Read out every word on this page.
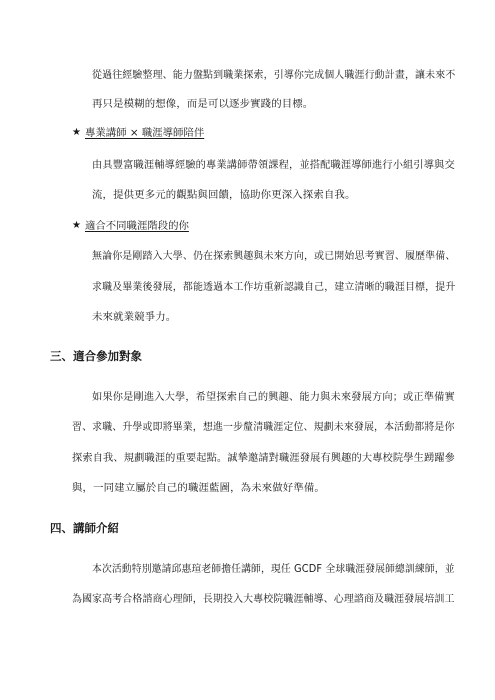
從過往經驗整理、能力盤點到職業探索，引導你完成個人職涯行動計畫，讓未來不
再只是模糊的想像，而是可以逐步實踐的目標。
★ 專業講師 × 職涯導師陪伴
由具豐富職涯輔導經驗的專業講師帶領課程，並搭配職涯導師進行小組引導與交
流，提供更多元的觀點與回饋，協助你更深入探索自我。
★ 適合不同職涯階段的你
無論你是剛踏入大學、仍在探索興趣與未來方向，或已開始思考實習、履歷準備、
求職及畢業後發展，都能透過本工作坊重新認識自己，建立清晰的職涯目標，提升
未來就業競爭力。
三、適合參加對象
如果你是剛進入大學，希望探索自己的興趣、能力與未來發展方向；或正準備實
習、求職、升學或即將畢業，想進一步釐清職涯定位、規劃未來發展，本活動都將是你
探索自我、規劃職涯的重要起點。誠摯邀請對職涯發展有興趣的大專校院學生踴躍參
與，一同建立屬於自己的職涯藍圖，為未來做好準備。
四、講師介紹
本次活動特別邀請邱惠瑄老師擔任講師，現任 GCDF 全球職涯發展師總訓練師，並
為國家高考合格諮商心理師，長期投入大專校院職涯輔導、心理諮商及職涯發展培訓工
